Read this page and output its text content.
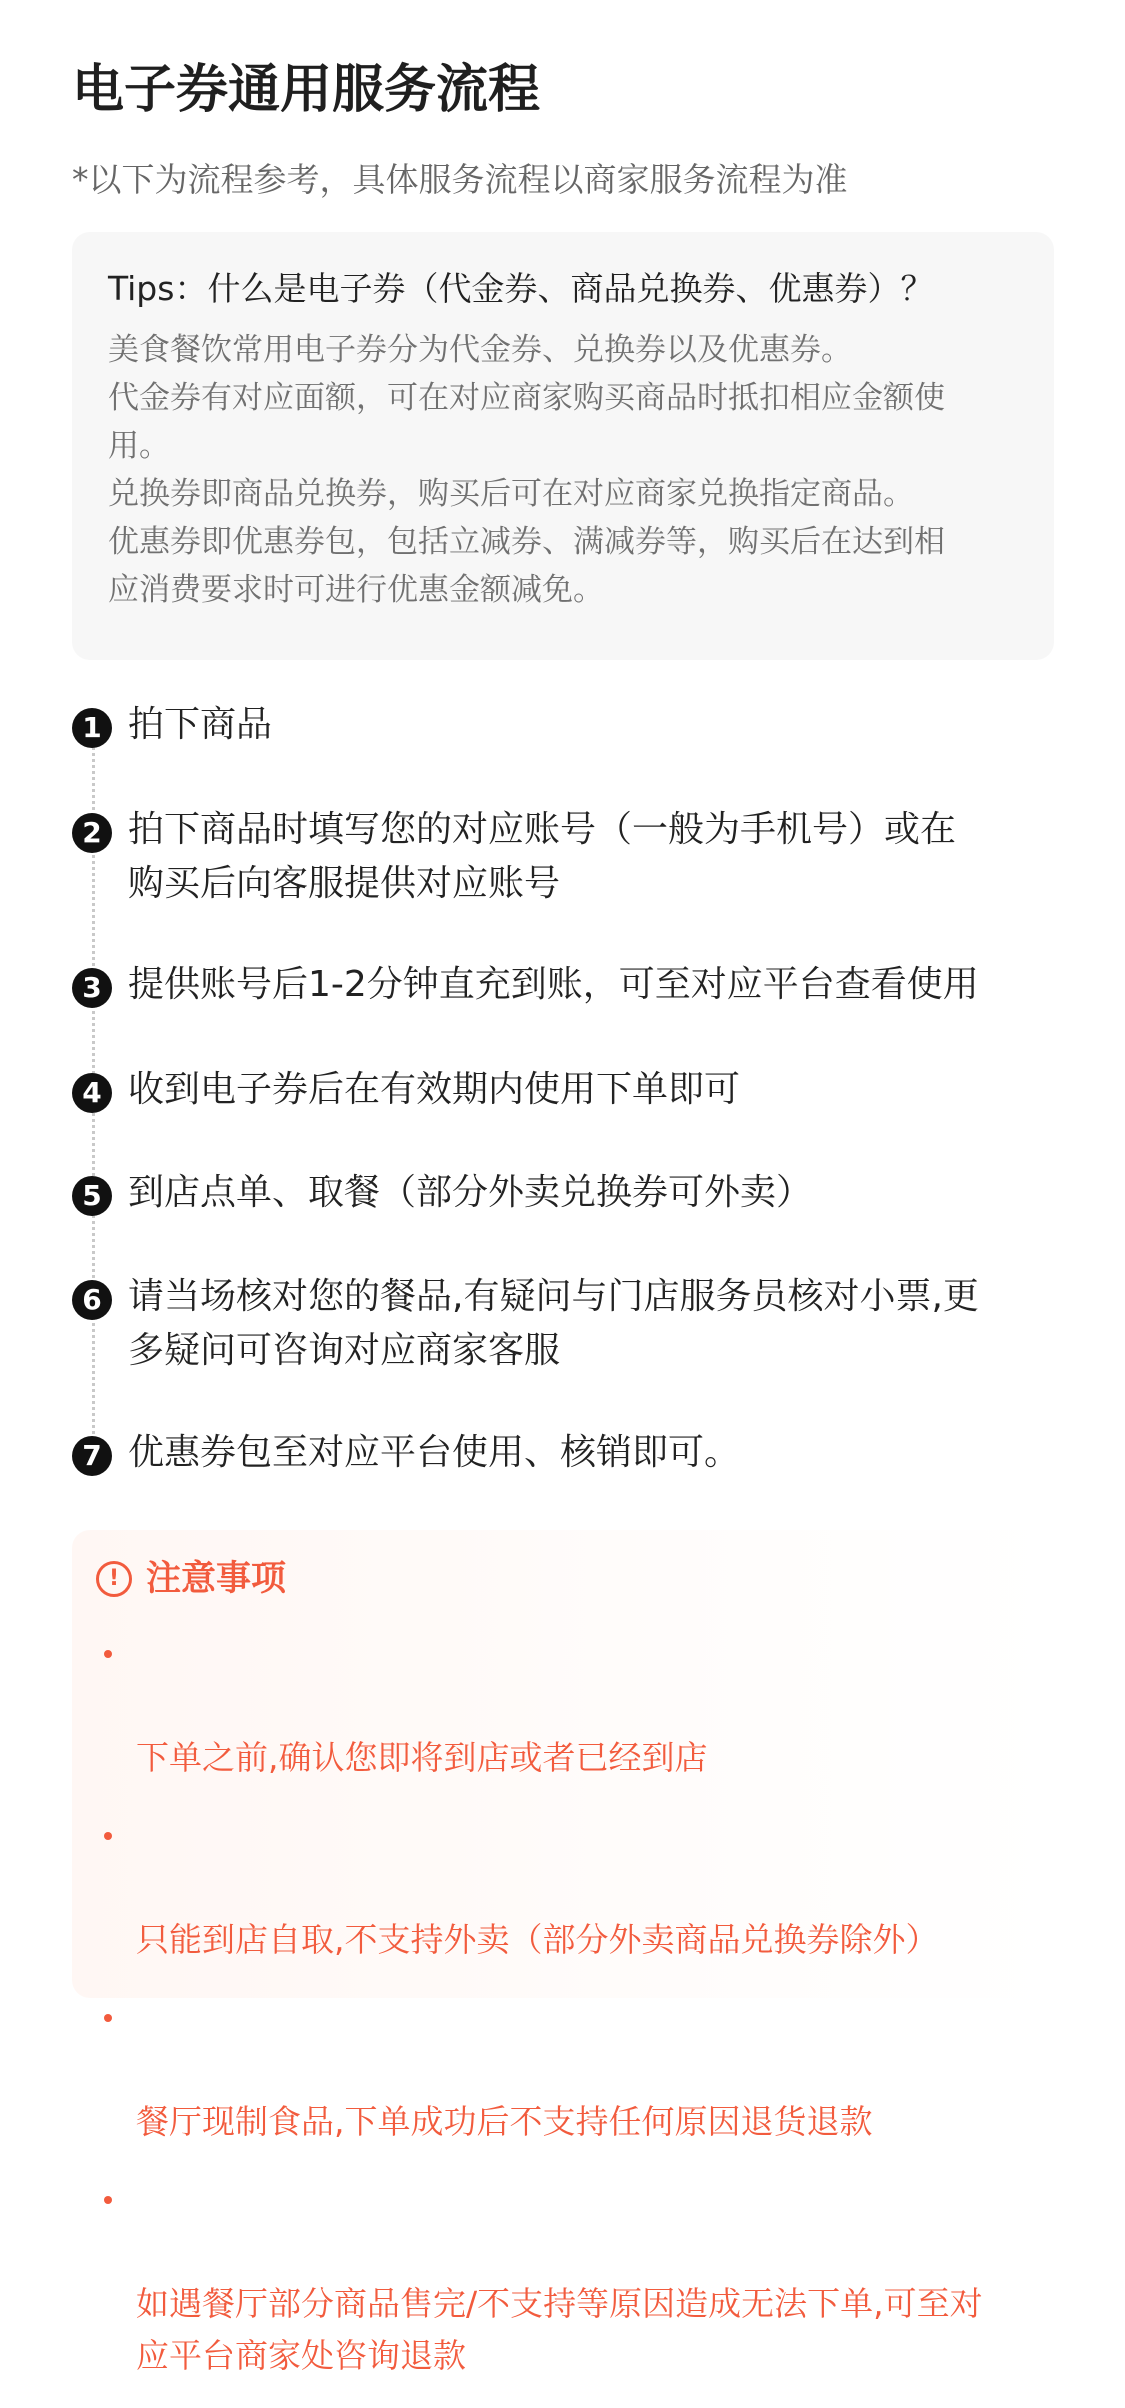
电子券通用服务流程
*以下为流程参考，具体服务流程以商家服务流程为准
Tips：什么是电子券（代金券、商品兑换券、优惠券）？
美食餐饮常用电子券分为代金券、兑换券以及优惠券。
代金券有对应面额，可在对应商家购买商品时抵扣相应金额使
用。
兑换券即商品兑换券，购买后可在对应商家兑换指定商品。
优惠券即优惠券包，包括立减券、满减券等，购买后在达到相
应消费要求时可进行优惠金额减免。
1 拍下商品
2 拍下商品时填写您的对应账号（一般为手机号）或在
购买后向客服提供对应账号
3 提供账号后1-2分钟直充到账，可至对应平台查看使用
4 收到电子券后在有效期内使用下单即可
5 到店点单、取餐（部分外卖兑换券可外卖）
6 请当场核对您的餐品,有疑问与门店服务员核对小票,更
多疑问可咨询对应商家客服
7 优惠券包至对应平台使用、核销即可。
! 注意事项

下单之前,确认您即将到店或者已经到店

只能到店自取,不支持外卖（部分外卖商品兑换券除外）

餐厅现制食品,下单成功后不支持任何原因退货退款

如遇餐厅部分商品售完/不支持等原因造成无法下单,可至对
应平台商家处咨询退款
